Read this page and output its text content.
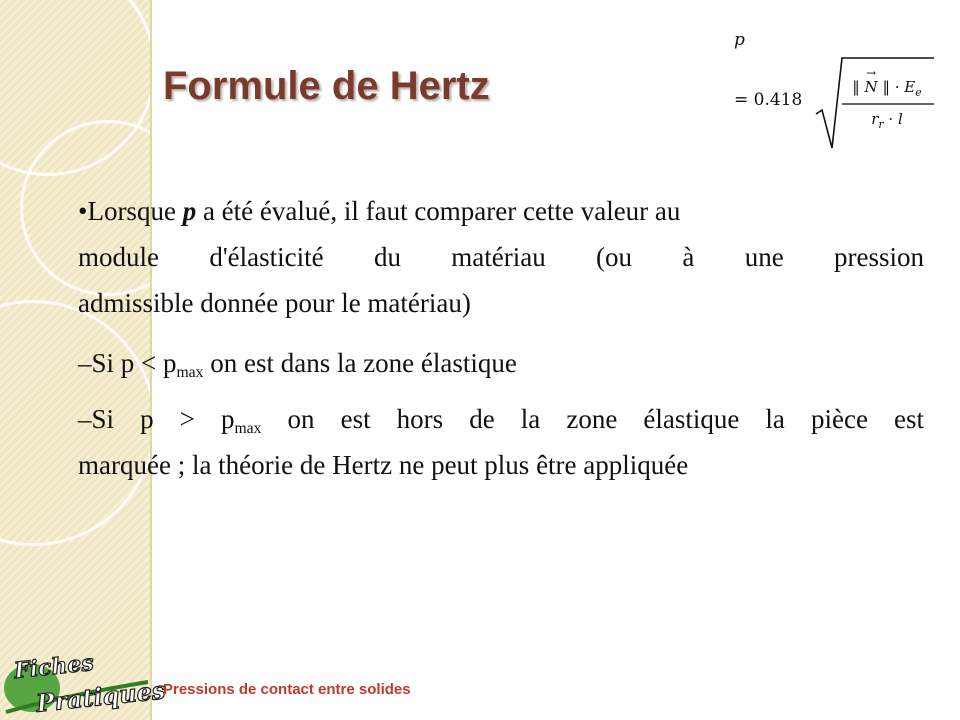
Formule de Hertz
p
= 0.418
‖ → N ‖ · $E_e$
$r_r \cdot l$

•Lorsque p a été évalué, il faut comparer cette valeur au

module d'élasticité du matériau (ou à une pression

admissible donnée pour le matériau)

–Si p < pmax on est dans la zone élastique

–Si p > pmax on est hors de la zone élastique la pièce est

marquée ; la théorie de Hertz ne peut plus être appliquée

Fiches
Pratiques
Pressions de contact entre solides
